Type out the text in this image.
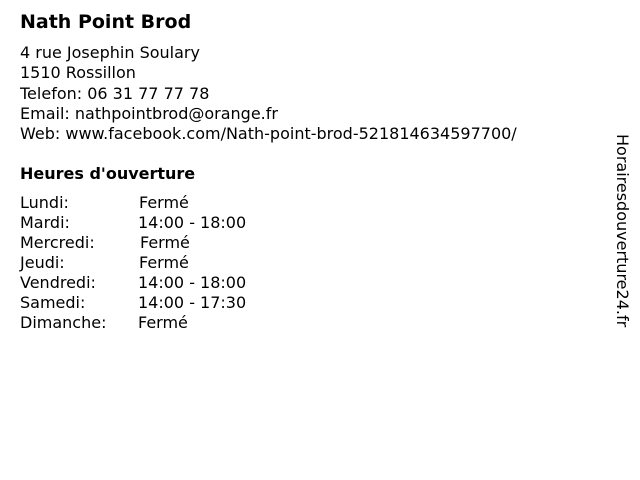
Nath Point Brod
4 rue Josephin Soulary
1510 Rossillon
Telefon: 06 31 77 77 78
Email: nathpointbrod@orange.fr
Web: www.facebook.com/Nath-point-brod-521814634597700/
Heures d'ouverture
Lundi:	Fermé
Mardi:	14:00 - 18:00
Mercredi:	Fermé
Jeudi:	Fermé
Vendredi:	14:00 - 18:00
Samedi:	14:00 - 17:30
Dimanche: Fermé	Horairesdouverture24.fr
